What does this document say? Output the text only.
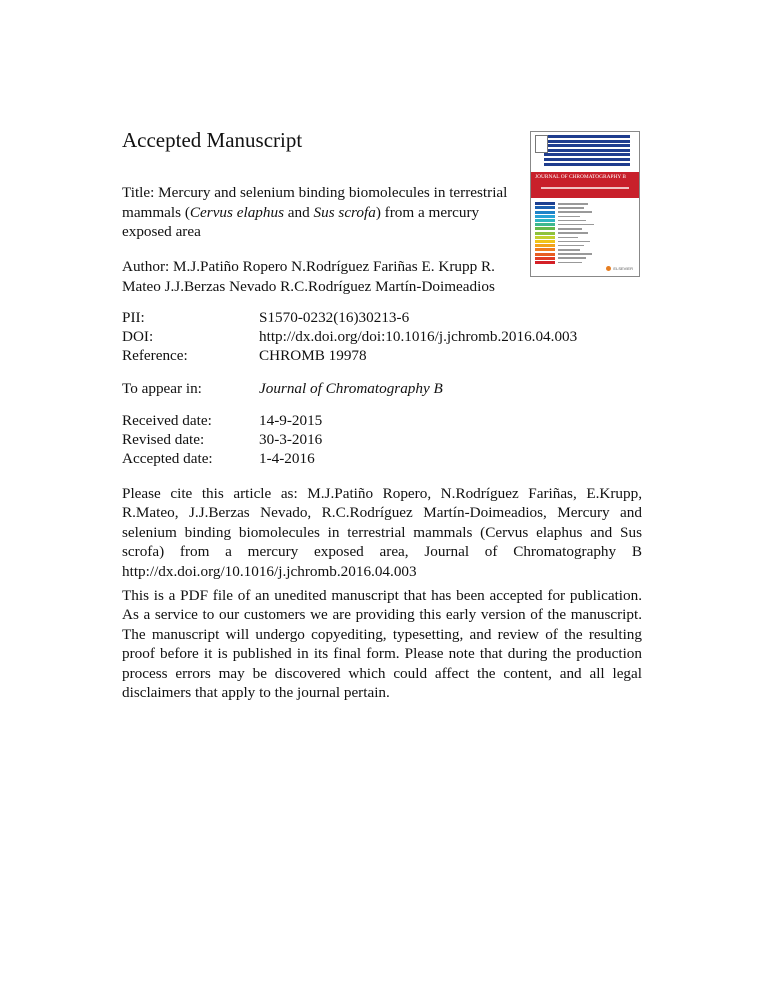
Accepted Manuscript
Title: Mercury and selenium binding biomolecules in terrestrial mammals (Cervus elaphus and Sus scrofa) from a mercury exposed area
Author: M.J.Patiño Ropero N.Rodríguez Fariñas E. Krupp R. Mateo J.J.Berzas Nevado R.C.Rodríguez Martín-Doimeadios
PII:	S1570-0232(16)30213-6
DOI:	http://dx.doi.org/doi:10.1016/j.jchromb.2016.04.003
Reference:	CHROMB 19978
To appear in:	Journal of Chromatography B
Received date:	14-9-2015
Revised date:	30-3-2016
Accepted date:	1-4-2016
Please cite this article as: M.J.Patiño Ropero, N.Rodríguez Fariñas, E.Krupp, R.Mateo, J.J.Berzas Nevado, R.C.Rodríguez Martín-Doimeadios, Mercury and selenium binding biomolecules in terrestrial mammals (Cervus elaphus and Sus scrofa) from a mercury exposed area, Journal of Chromatography B http://dx.doi.org/10.1016/j.jchromb.2016.04.003
This is a PDF file of an unedited manuscript that has been accepted for publication. As a service to our customers we are providing this early version of the manuscript. The manuscript will undergo copyediting, typesetting, and review of the resulting proof before it is published in its final form. Please note that during the production process errors may be discovered which could affect the content, and all legal disclaimers that apply to the journal pertain.
JOURNAL OF CHROMATOGRAPHY B
ELSEVIER
